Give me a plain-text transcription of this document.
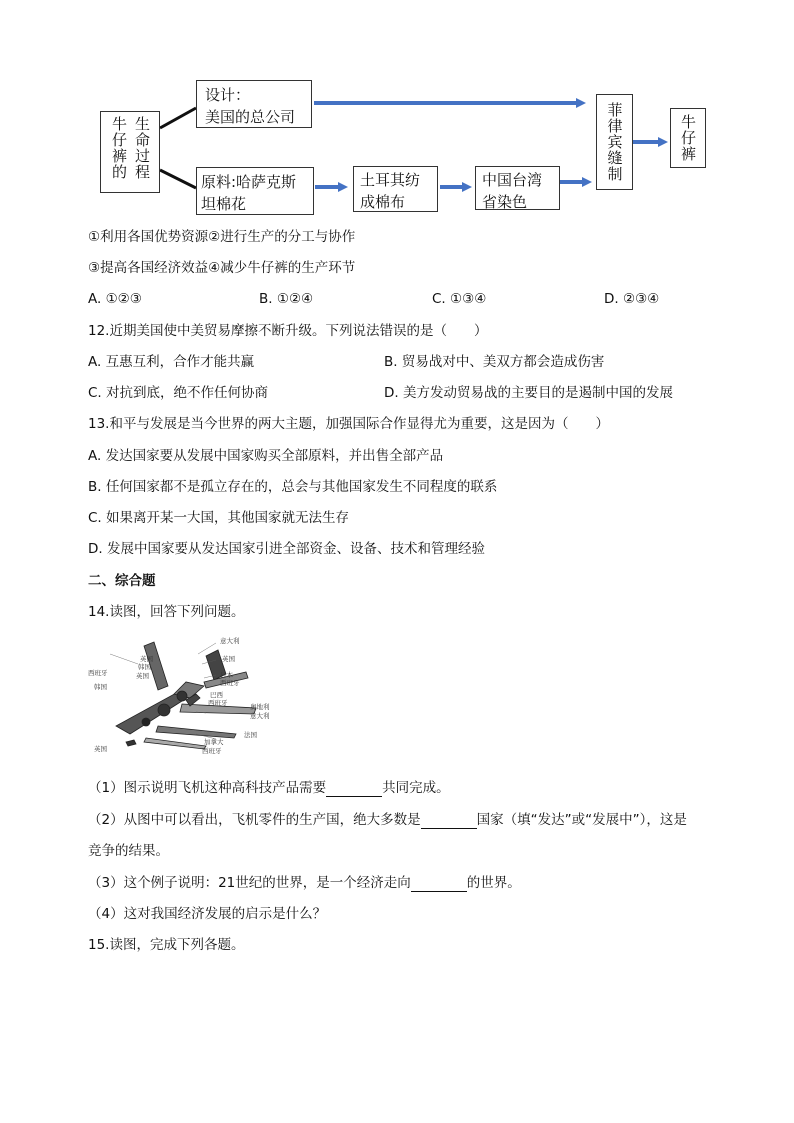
生命过程
牛仔裤的
设计：
美国的总公司
原料:哈萨克斯
坦棉花
土耳其纺
成棉布
中国台湾
省染色
菲律宾缝制	牛仔裤
①利用各国优势资源②进行生产的分工与协作
③提高各国经济效益④减少牛仔裤的生产环节
A. ①②③	B. ①②④	C. ①③④	D. ②③④
12.近期美国使中美贸易摩擦不断升级。下列说法错误的是（　　）
A. 互惠互利，合作才能共赢	B. 贸易战对中、美双方都会造成伤害
C. 对抗到底，绝不作任何协商	D. 美方发动贸易战的主要目的是遏制中国的发展
13.和平与发展是当今世界的两大主题，加强国际合作显得尤为重要，这是因为（　　）
A. 发达国家要从发展中国家购买全部原料，并出售全部产品
B. 任何国家都不是孤立存在的，总会与其他国家发生不同程度的联系
C. 如果离开某一大国，其他国家就无法生存
D. 发展中国家要从发达国家引进全部资金、设备、技术和管理经验
二、综合题
14.读图，回答下列问题。
意大利
英国
韩国
英国
英国
西班牙	日本
西班牙
韩国
巴西
西班牙	奥地利
意大利
法国
加拿大
西班牙
英国
（1）图示说明飞机这种高科技产品需要	共同完成。
（2）从图中可以看出，飞机零件的生产国，绝大多数是	国家（填“发达”或“发展中”），这是
竞争的结果。
（3）这个例子说明：21世纪的世界，是一个经济走向	的世界。
（4）这对我国经济发展的启示是什么？
15.读图，完成下列各题。
